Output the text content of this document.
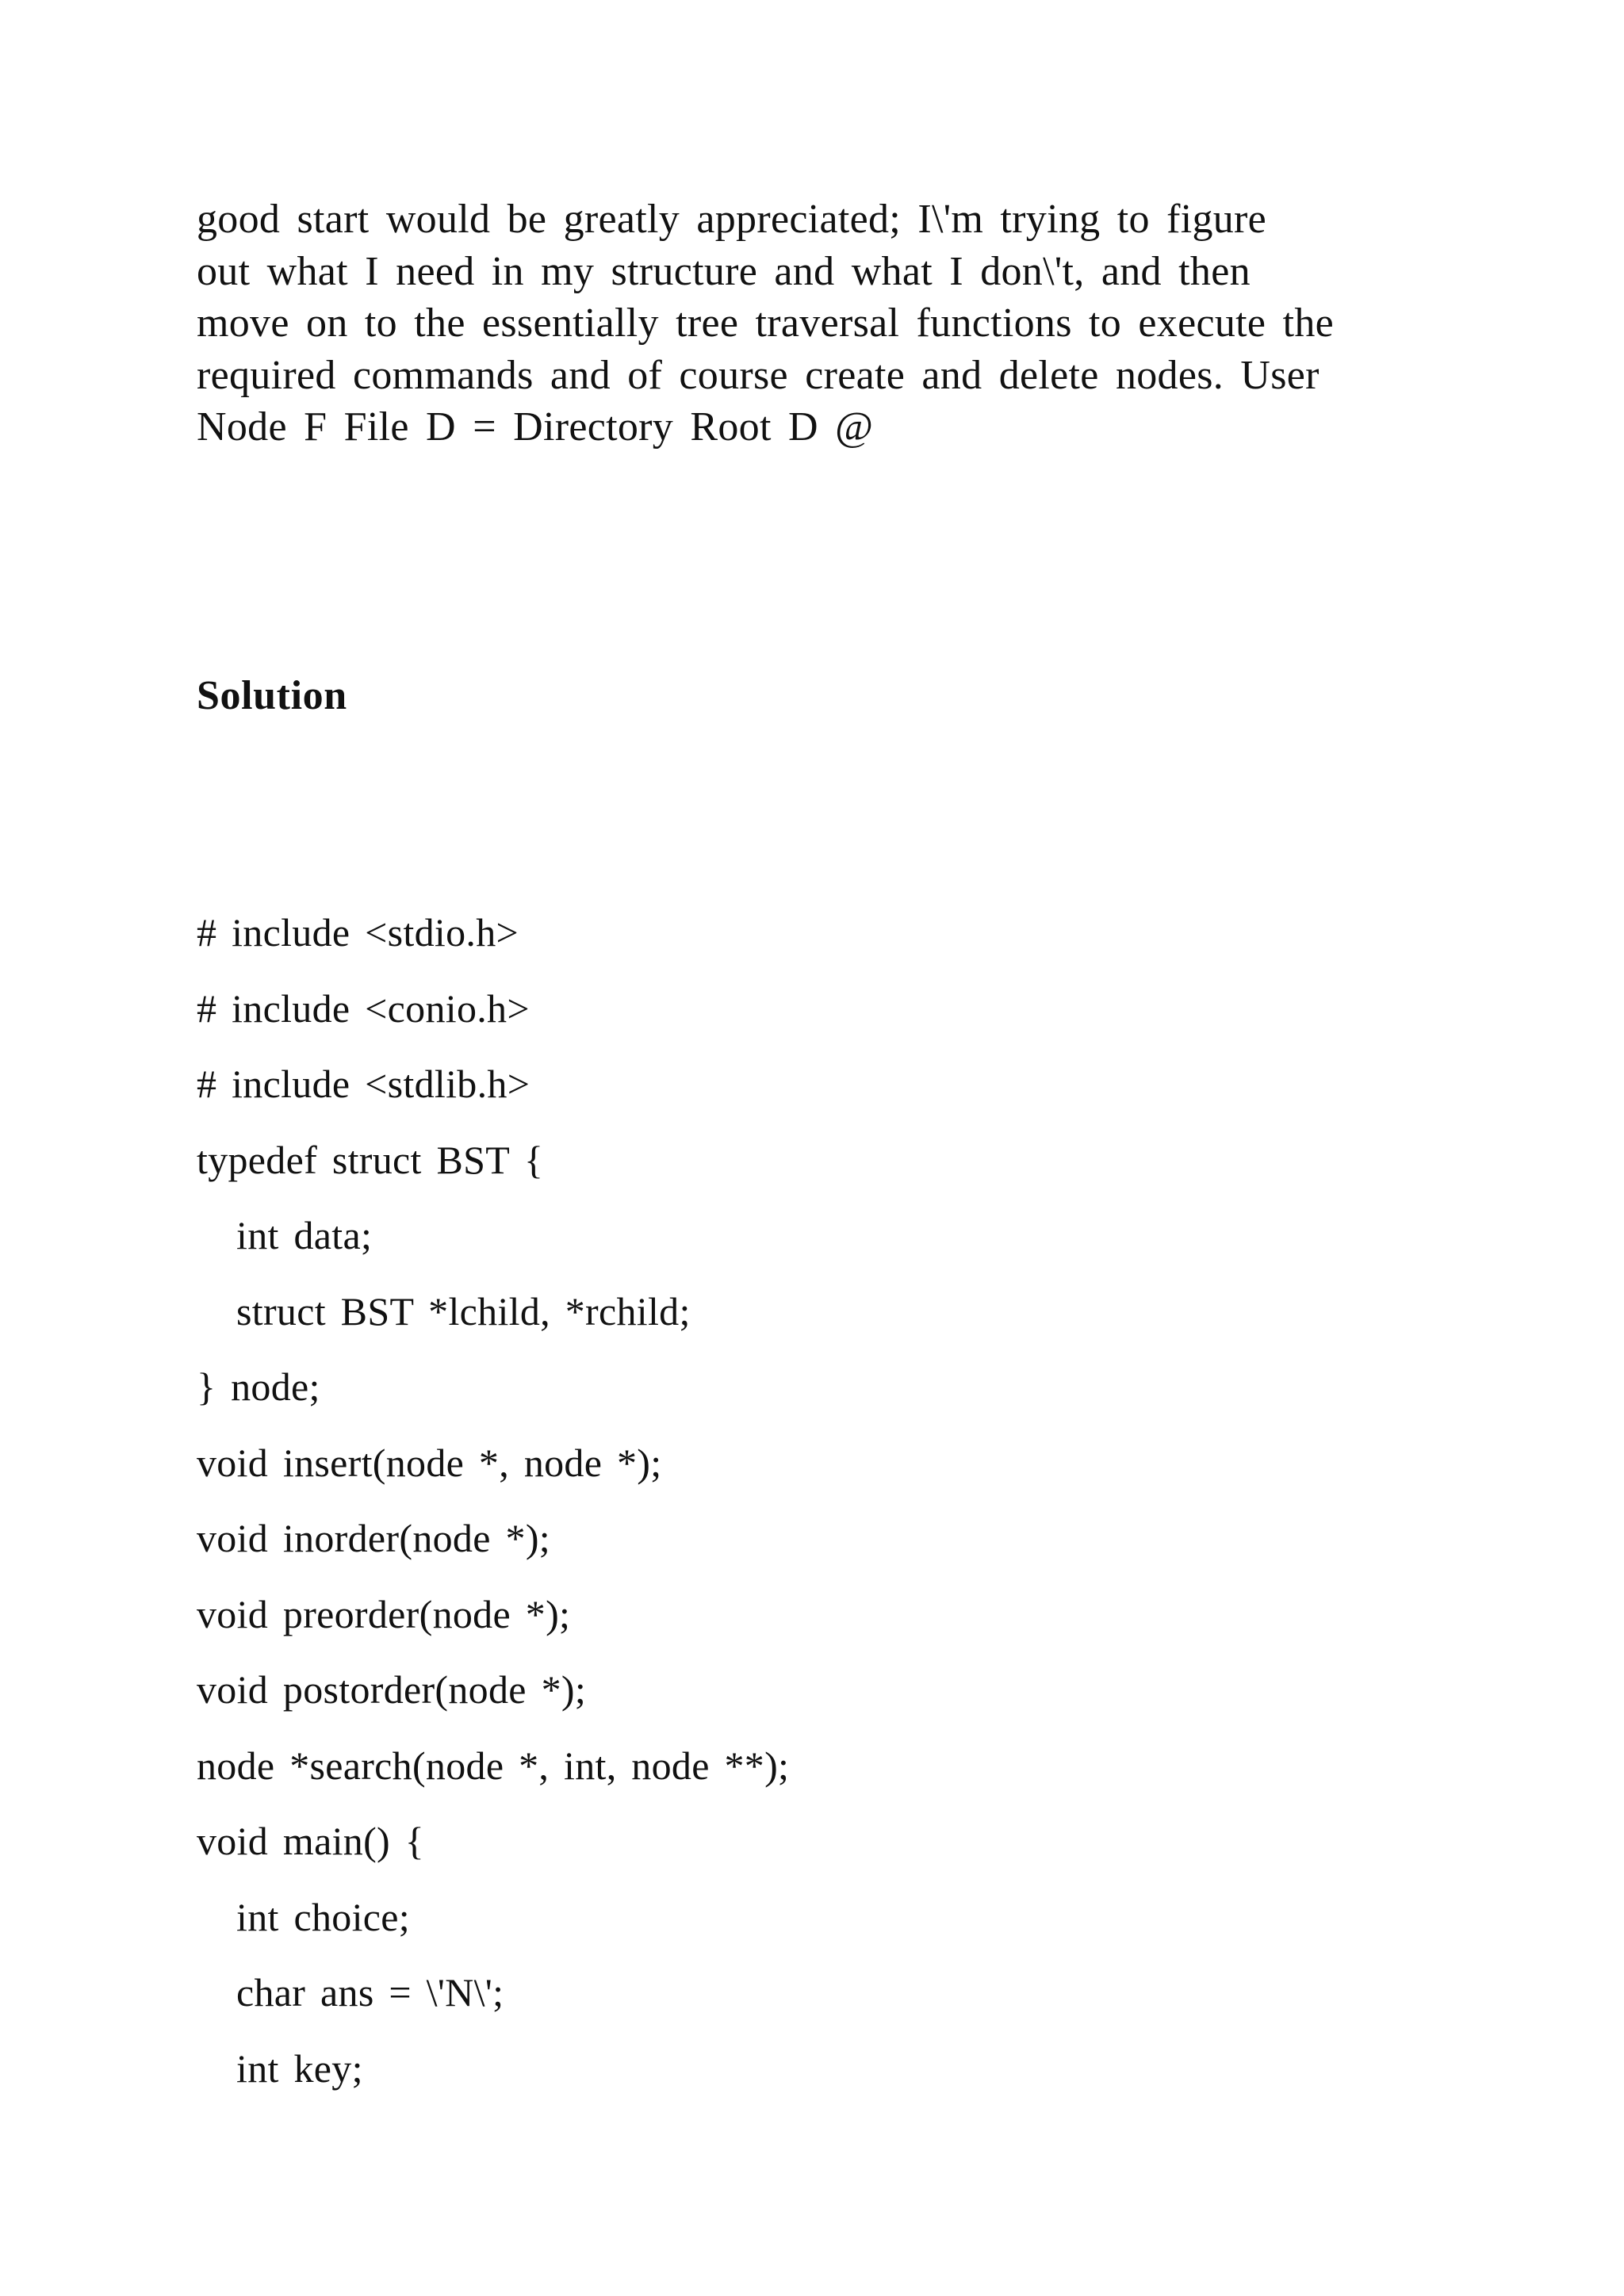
good start would be greatly appreciated; I\'m trying to figure
out what I need in my structure and what I don\'t, and then
move on to the essentially tree traversal functions to execute the
required commands and of course create and delete nodes. User
Node F File D = Directory Root D @

Solution
# include <stdio.h>
# include <conio.h>
# include <stdlib.h>
typedef struct BST {
int data;
struct BST *lchild, *rchild;
} node;
void insert(node *, node *);
void inorder(node *);
void preorder(node *);
void postorder(node *);
node *search(node *, int, node **);
void main() {
int choice;
char ans = \'N\';
int key;
